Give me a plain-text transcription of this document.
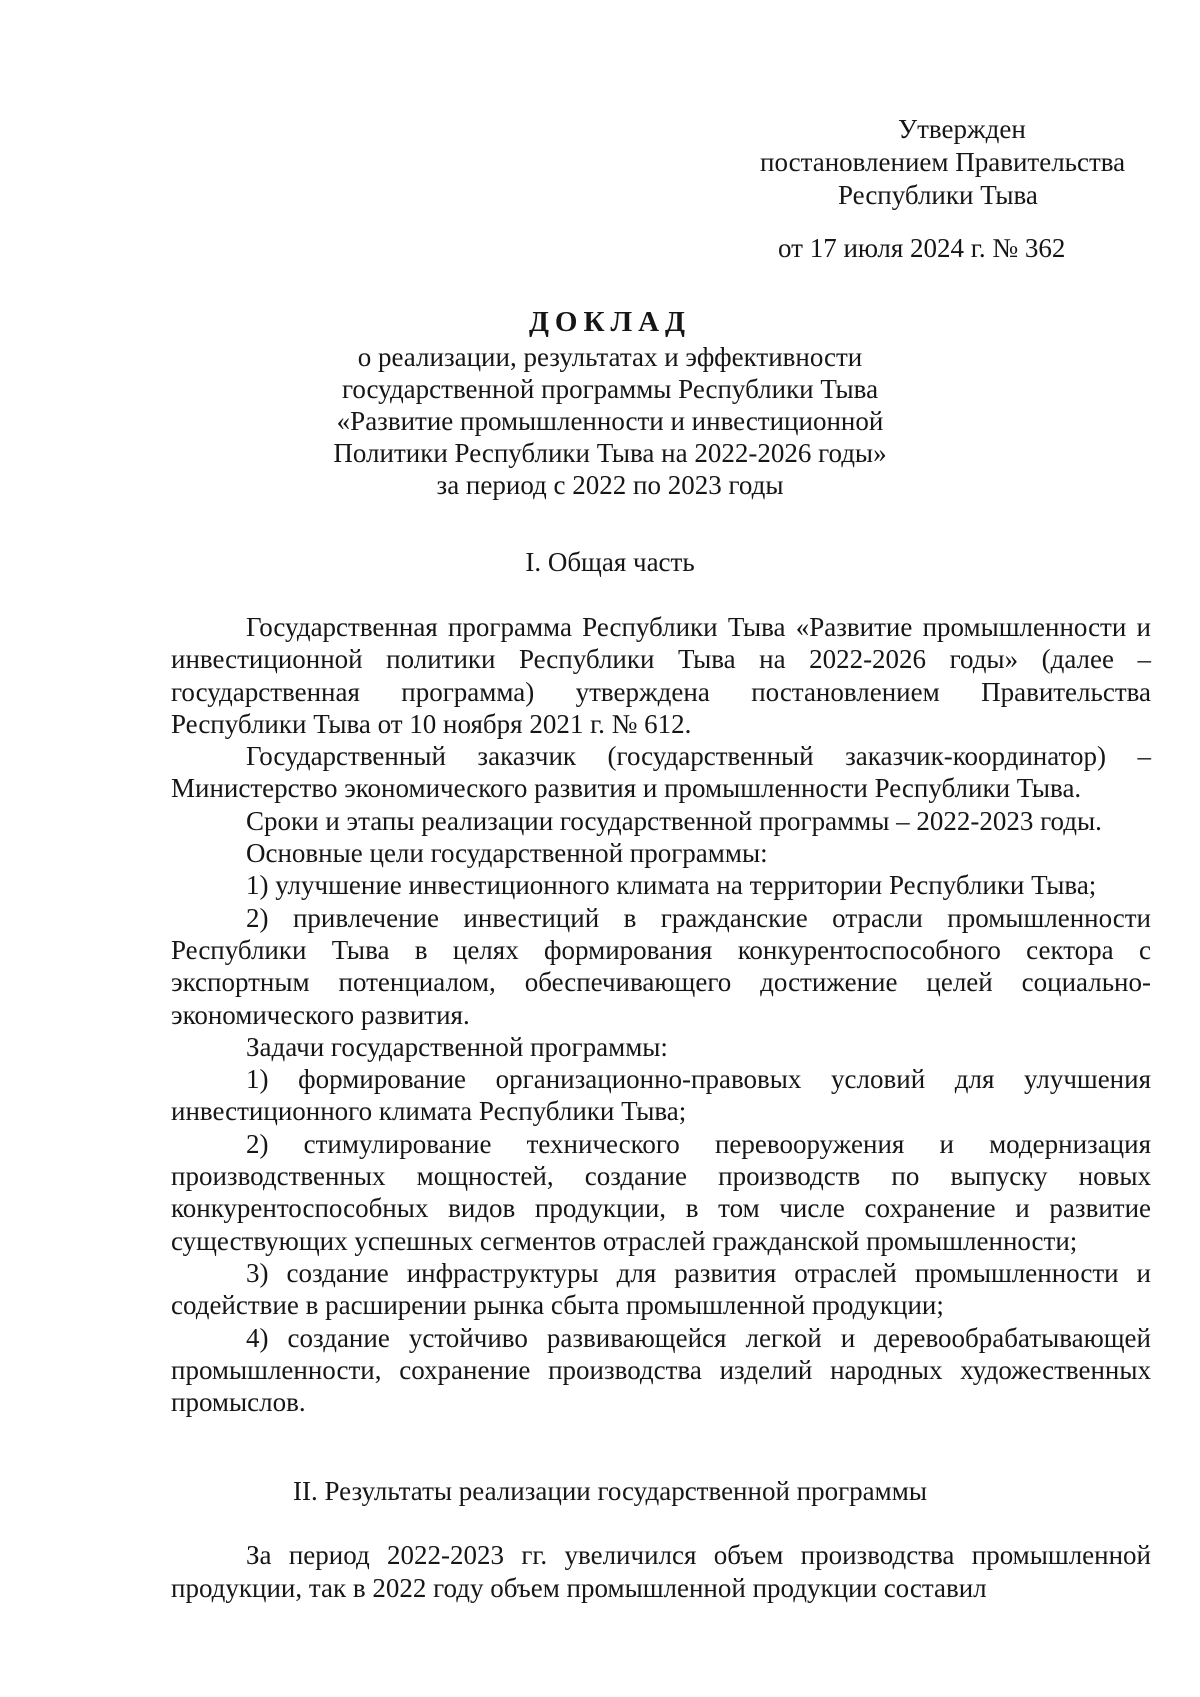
Утвержден
постановлением Правительства
Республики Тыва
от 17 июля 2024 г. № 362
ДОКЛАД
о реализации, результатах и эффективности
государственной программы Республики Тыва
«Развитие промышленности и инвестиционной
Политики Республики Тыва на 2022-2026 годы»
за период с 2022 по 2023 годы
I. Общая часть

Государственная программа Республики Тыва «Развитие промышленности и инвестиционной политики Республики Тыва на 2022-2026 годы» (далее – государственная программа) утверждена постановлением Правительства Республики Тыва от 10 ноября 2021 г. № 612.

Государственный заказчик (государственный заказчик-координатор) – Министерство экономического развития и промышленности Республики Тыва.

Сроки и этапы реализации государственной программы – 2022-2023 годы.

Основные цели государственной программы:

1) улучшение инвестиционного климата на территории Республики Тыва;

2) привлечение инвестиций в гражданские отрасли промышленности Республики Тыва в целях формирования конкурентоспособного сектора с экспортным потенциалом, обеспечивающего достижение целей социально-экономического развития.

Задачи государственной программы:

1) формирование организационно-правовых условий для улучшения инвестиционного климата Республики Тыва;

2) стимулирование технического перевооружения и модернизация производственных мощностей, создание производств по выпуску новых конкурентоспособных видов продукции, в том числе сохранение и развитие существующих успешных сегментов отраслей гражданской промышленности;

3) создание инфраструктуры для развития отраслей промышленности и содействие в расширении рынка сбыта промышленной продукции;

4) создание устойчиво развивающейся легкой и деревообрабатывающей промышленности, сохранение производства изделий народных художественных промыслов.

II. Результаты реализации государственной программы

За период 2022-2023 гг. увеличился объем производства промышленной продукции, так в 2022 году объем промышленной продукции составил
